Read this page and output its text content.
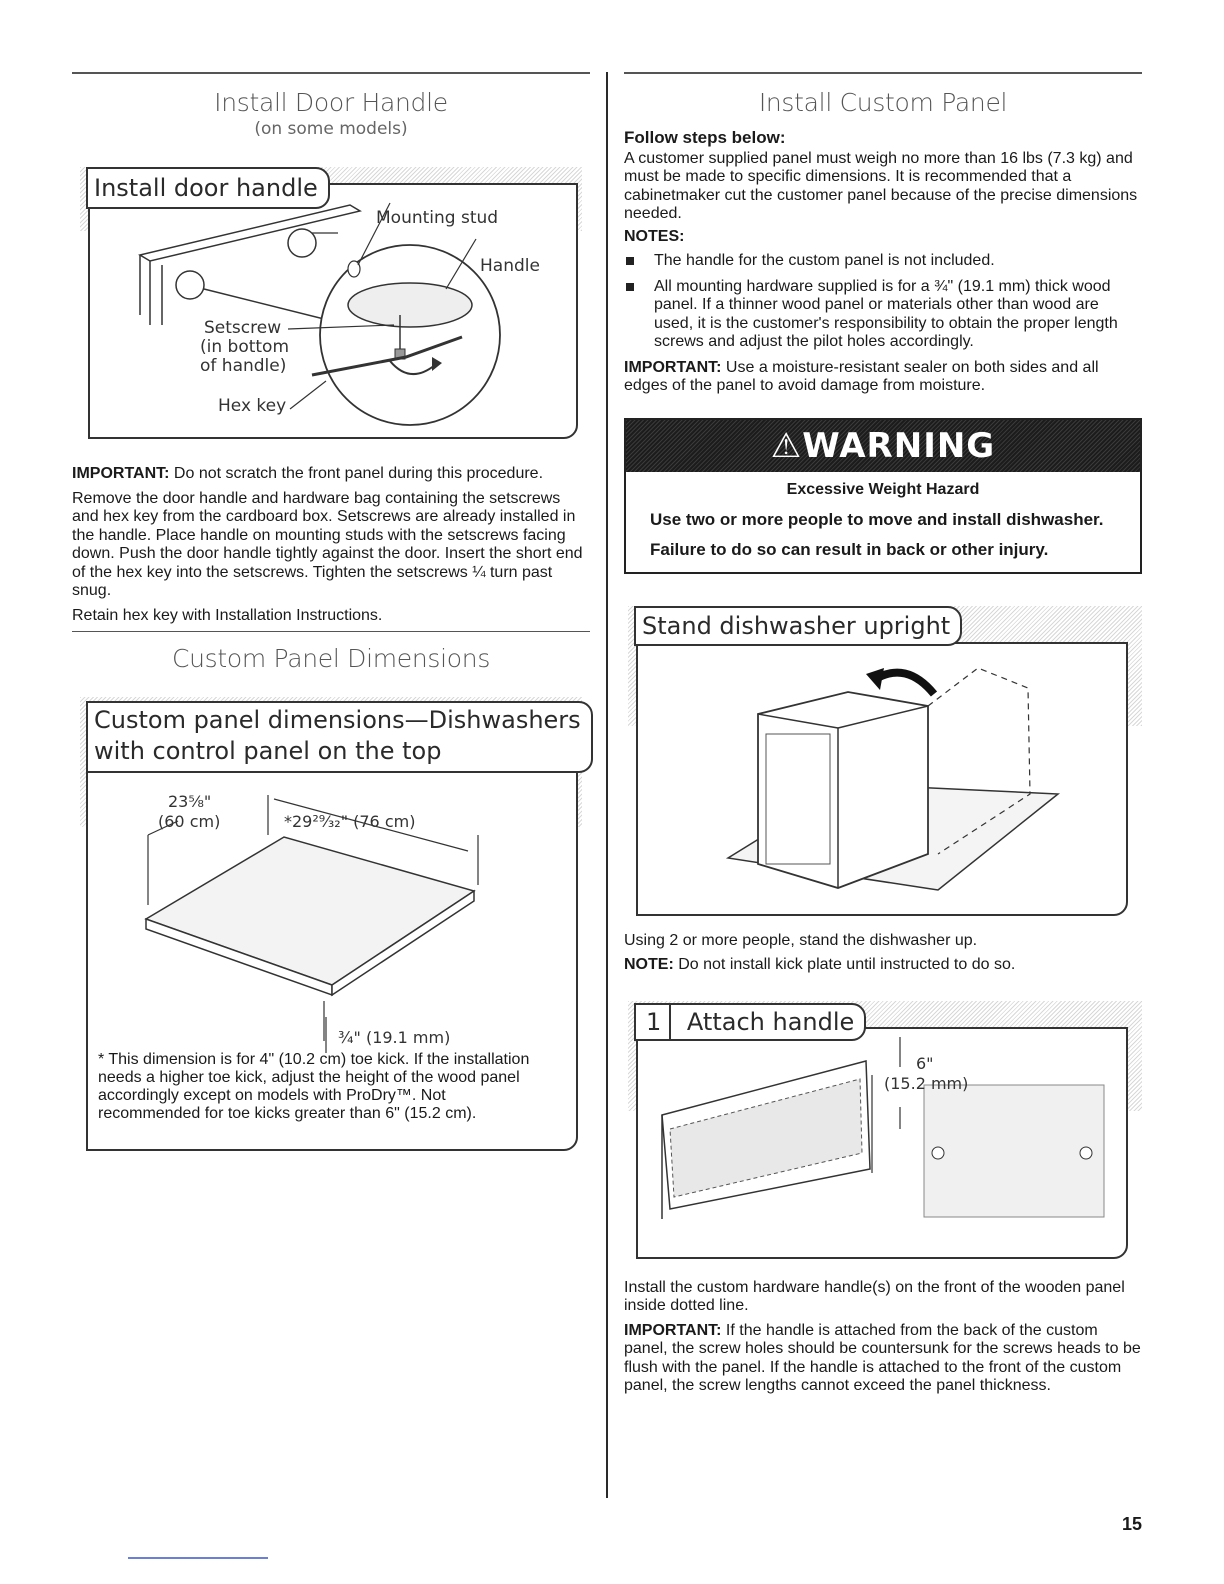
Install Door Handle
(on some models)
Mounting stud
Handle
Setscrew
(in bottom
of handle)
Hex key
Install door handle

IMPORTANT: Do not scratch the front panel during this procedure.

Remove the door handle and hardware bag containing the setscrews and hex key from the cardboard box. Setscrews are already installed in the handle. Place handle on mounting studs with the setscrews facing down. Push the door handle tightly against the door. Insert the short end of the hex key into the setscrews. Tighten the setscrews ¼ turn past snug.

Retain hex key with Installation Instructions.

Custom Panel Dimensions
23⅝"
(60 cm)	*29²⁹⁄₃₂" (76 cm)
¾" (19.1 mm)

* This dimension is for 4" (10.2 cm) toe kick. If the installation needs a higher toe kick, adjust the height of the wood panel accordingly except on models with ProDry™. Not recommended for toe kicks greater than 6" (15.2 cm).

Custom panel dimensions—Dishwashers
with control panel on the top
Install Custom Panel

Follow steps below:

A customer supplied panel must weigh no more than 16 lbs (7.3 kg) and must be made to specific dimensions. It is recommended that a cabinetmaker cut the customer panel because of the precise dimensions needed.

NOTES:

The handle for the custom panel is not included.
All mounting hardware supplied is for a ¾" (19.1 mm) thick wood panel. If a thinner wood panel or materials other than wood are used, it is the customer's responsibility to obtain the proper length screws and adjust the pilot holes accordingly.

IMPORTANT: Use a moisture-resistant sealer on both sides and all edges of the panel to avoid damage from moisture.

⚠WARNING

Excessive Weight Hazard

Use two or more people to move and install dishwasher.

Failure to do so can result in back or other injury.

Stand dishwasher upright

Using 2 or more people, stand the dishwasher up.

NOTE: Do not install kick plate until instructed to do so.

6"
(15.2 mm)
1 Attach handle

Install the custom hardware handle(s) on the front of the wooden panel inside dotted line.

IMPORTANT: If the handle is attached from the back of the custom panel, the screw holes should be countersunk for the screws heads to be flush with the panel. If the handle is attached to the front of the custom panel, the screw lengths cannot exceed the panel thickness.

15
